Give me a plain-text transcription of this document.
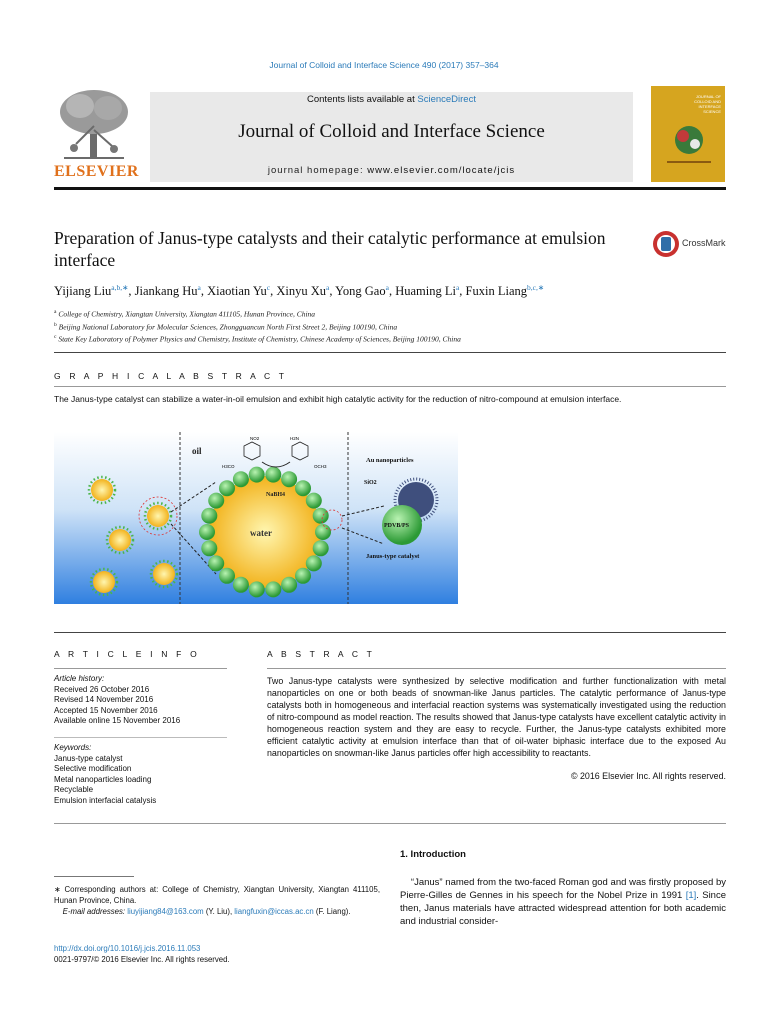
Journal of Colloid and Interface Science 490 (2017) 357–364
ELSEVIER
Contents lists available at ScienceDirect
Journal of Colloid and Interface Science
journal homepage: www.elsevier.com/locate/jcis
JOURNAL OF COLLOID AND INTERFACE SCIENCE
Preparation of Janus-type catalysts and their catalytic performance at emulsion interface
CrossMark
Yijiang Liu$^{a,b,∗}$, Jiankang Hu$^a$, Xiaotian Yu$^c$, Xinyu Xu$^a$, Yong Gao$^a$, Huaming Li$^a$, Fuxin Liang$^{b,c,∗}$
$^a$ College of Chemistry, Xiangtan University, Xiangtan 411105, Hunan Province, China
$^b$ Beijing National Laboratory for Molecular Sciences, Zhongguancun North First Street 2, Beijing 100190, China
$^c$ State Key Laboratory of Polymer Physics and Chemistry, Institute of Chemistry, Chinese Academy of Sciences, Beijing 100190, China
G R A P H I C A L A B S T R A C T
The Janus-type catalyst can stabilize a water-in-oil emulsion and exhibit high catalytic activity for the reduction of nitro-compound at emulsion interface.
oil
water
NaBH4
NO2
H3CO
H2N
OCH3
Au nanoparticles
SiO2
PDVB/PS
Janus-type catalyst
A R T I C L E I N F O	A B S T R A C T
Article history:
Received 26 October 2016
Revised 14 November 2016
Accepted 15 November 2016
Available online 15 November 2016
Keywords:
Janus-type catalyst
Selective modification
Metal nanoparticles loading
Recyclable
Emulsion interfacial catalysis
Two Janus-type catalysts were synthesized by selective modification and further functionalization with metal nanoparticles on one or both beads of snowman-like Janus particles. The catalytic performance of Janus-type catalysts both in homogeneous and interfacial reaction systems was systematically investigated using the reduction of nitro-compound as model reaction. The results showed that Janus-type catalysts have excellent catalytic activity in homogeneous reaction system and they are easy to recycle. Further, the Janus-type catalysts exhibited more efficient catalytic activity at emulsion interface than that of oil-water biphasic interface due to the exposed Au nanoparticles on snowman-like Janus particles offer high accessibility to reactants.
© 2016 Elsevier Inc. All rights reserved.
1. Introduction
“Janus” named from the two-faced Roman god and was firstly proposed by Pierre-Gilles de Gennes in his speech for the Nobel Prize in 1991 [1]. Since then, Janus materials have attracted widespread attention for both academic and industrial consider-
∗ Corresponding authors at: College of Chemistry, Xiangtan University, Xiangtan 411105, Hunan Province, China.
E-mail addresses: liuyijiang84@163.com (Y. Liu), liangfuxin@iccas.ac.cn (F. Liang).
http://dx.doi.org/10.1016/j.jcis.2016.11.053
0021-9797/© 2016 Elsevier Inc. All rights reserved.
